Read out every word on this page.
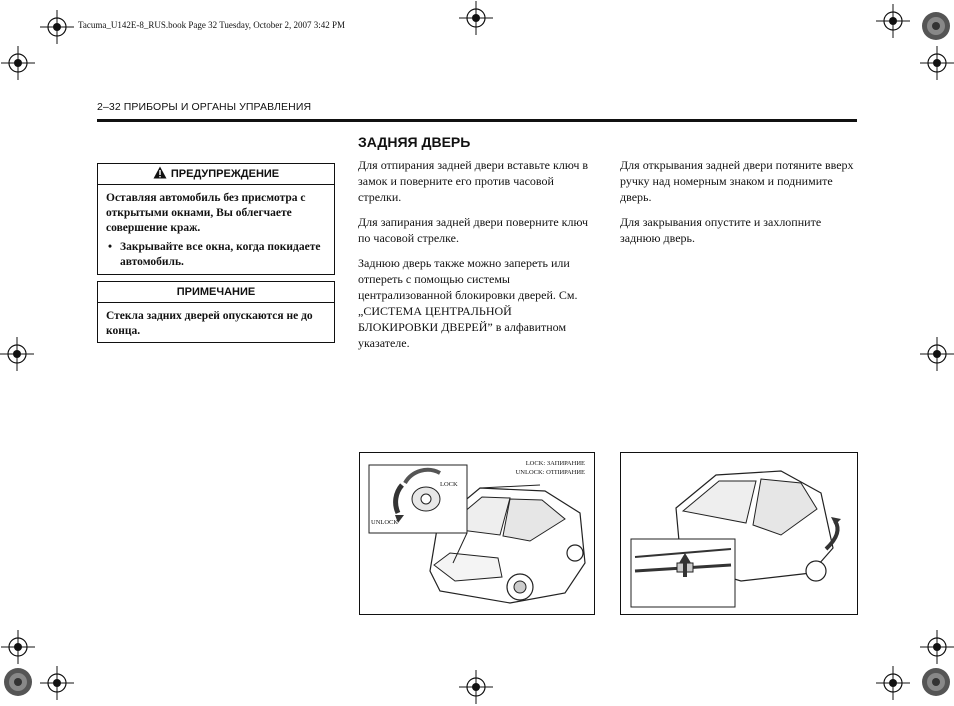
Tacuma_U142E-8_RUS.book Page 32 Tuesday, October 2, 2007 3:42 PM
2–32 ПРИБОРЫ И ОРГАНЫ УПРАВЛЕНИЯ
ЗАДНЯЯ ДВЕРЬ
ПРЕДУПРЕЖДЕНИЕ
Оставляя автомобиль без присмотра с открытыми окнами, Вы облегчаете совершение краж.
• Закрывайте все окна, когда покидаете автомобиль.
ПРИМЕЧАНИЕ
Стекла задних дверей опускаются не до конца.

Для отпирания задней двери вставьте ключ в замок и поверните его против часовой стрелки.

Для запирания задней двери поверните ключ по часовой стрелке.

Заднюю дверь также можно запереть или отпереть с помощью системы централизованной блокировки дверей. См. „СИСТЕМА ЦЕНТРАЛЬНОЙ БЛОКИРОВКИ ДВЕРЕЙ” в алфавитном указателе.

Для открывания задней двери потяните вверх ручку над номерным знаком и поднимите дверь.

Для закрывания опустите и захлопните заднюю дверь.

LOCK: ЗАПИРАНИЕ
UNLOCK: ОТПИРАНИЕ
LOCK
UNLOCK
